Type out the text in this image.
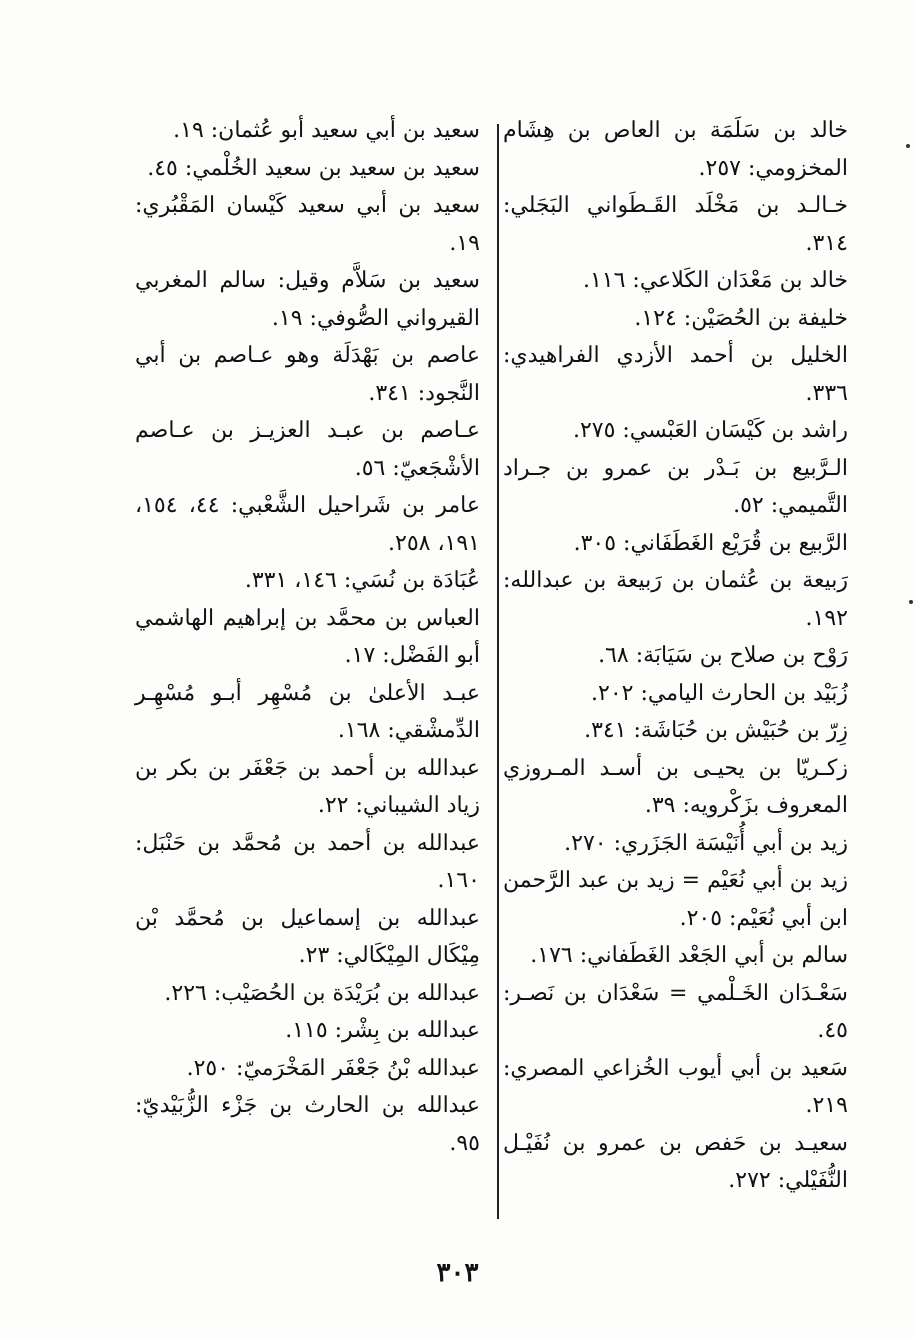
خالد بن سَلَمَة بن العاص بن هِشَام المخزومي: ٢٥٧.

خـالـد بن مَخْلَد القَـطَواني البَجَلي: ٣١٤.

خالد بن مَعْدَان الكَلاعي: ١١٦.

خليفة بن الحُصَيْن: ١٢٤.

الخليل بن أحمد الأزدي الفراهيدي: ٣٣٦.

راشد بن كَيْسَان العَبْسي: ٢٧٥.

الـرَّبيع بن بَـدْر بن عمرو بن جـراد التَّميمي: ٥٢.

الرَّبيع بن قُرَيْع الغَطَفَاني: ٣٠٥.

رَبيعة بن عُثمان بن رَبيعة بن عبدالله: ١٩٢.

رَوْح بن صلاح بن سَيَابَة: ٦٨.

زُبَيْد بن الحارث اليامي: ٢٠٢.

زِرّ بن حُبَيْش بن حُبَاشَة: ٣٤١.

زكـريّا بن يحيـى بن أسـد المـروزي المعروف بزَكْرويه: ٣٩.

زيد بن أبي أُنَيْسَة الجَزَري: ٢٧٠.

زيد بن أبي نُعَيْم = زيد بن عبد الرَّحمن ابن أبي نُعَيْم: ٢٠٥.

سالم بن أبي الجَعْد الغَطَفاني: ١٧٦.

سَعْـدَان الخَـلْمي = سَعْدَان بن نَصـر: ٤٥.

سَعيد بن أبي أيوب الخُزاعي المصري: ٢١٩.

سعيـد بن حَفص بن عمرو بن نُفَيْـل النُّفَيْلي: ٢٧٢.

سعيد بن أبي سعيد أبو عُثمان: ١٩.

سعيد بن سعيد بن سعيد الخُلْمي: ٤٥.

سعيد بن أبي سعيد كَيْسان المَقْبُري: ١٩.

سعيد بن سَلاَّم وقيل: سالم المغربي القيرواني الصُّوفي: ١٩.

عاصم بن بَهْدَلَة وهو عـاصم بن أبي النَّجود: ٣٤١.

عـاصم بن عبـد العزيـز بن عـاصم الأشْجَعيّ: ٥٦.

عامر بن شَراحيل الشَّعْبي: ٤٤، ١٥٤، ١٩١، ٢٥٨.

عُبَادَة بن نُسَي: ١٤٦، ٣٣١.

العباس بن محمَّد بن إبراهيم الهاشمي أبو الفَضْل: ١٧.

عبـد الأعلىٰ بن مُسْهِر أبـو مُسْهِـر الدِّمشْقي: ١٦٨.

عبدالله بن أحمد بن جَعْفَر بن بكر بن زياد الشيباني: ٢٢.

عبدالله بن أحمد بن مُحمَّد بن حَنْبَل: ١٦٠.

عبدالله بن إسماعيل بن مُحمَّد بْن مِيْكَال المِيْكَالي: ٢٣.

عبدالله بن بُرَيْدَة بن الحُصَيْب: ٢٢٦.

عبدالله بن بِشْر: ١١٥.

عبدالله بْنُ جَعْفَر المَخْرَميّ: ٢٥٠.

عبدالله بن الحارث بن جَزْء الزُّبَيْديّ: ٩٥.

٣٠٣
